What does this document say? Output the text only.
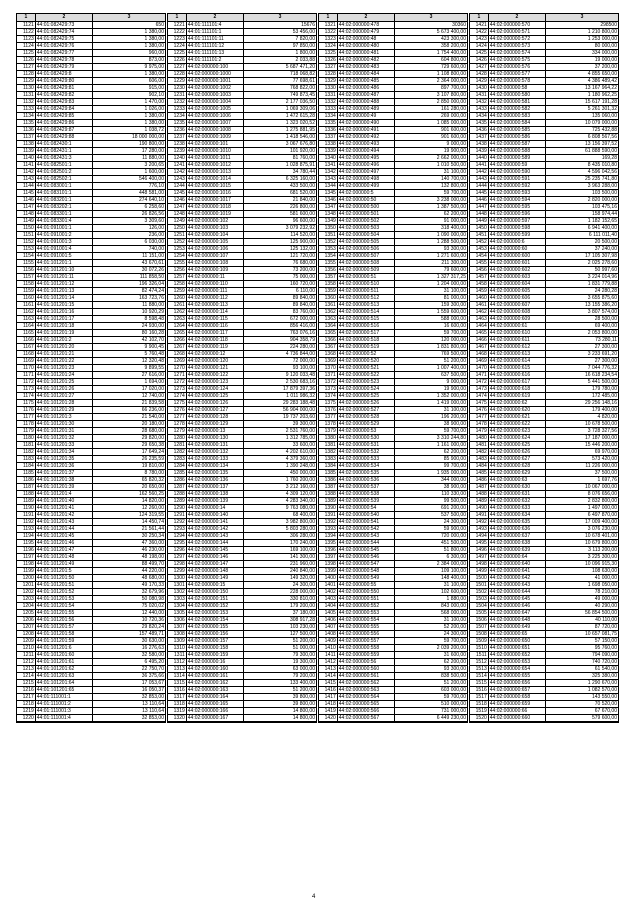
1	2	3
1121 44:01:082429:73	650
1122 44:01:082429:74	1 380,00
1123 44:01:082429:75	1 380,00
1124 44:01:082429:76	1 380,00
1125 44:01:082429:77	960,00
1126 44:01:082429:78	873,00
1127 44:01:082429:79	9 975,00
1128 44:01:082429:8	1 380,00
1129 44:01:082429:80	606,00
1130 44:01:082429:81	915,00
1131 44:01:082429:82	902,10
1132 44:01:082429:83	1 470,00
1133 44:01:082429:84	1 026,00
1134 44:01:082429:85	1 380,00
1135 44:01:082429:86	1 380,00
1136 44:01:082429:87	1 038,72
1137 44:01:082429:88	18 000 000,00
1138 44:01:082430:1	190 800,00
1139 44:01:082431:1	17 280,00
1140 44:01:082431:3	11 880,00
1141 44:01:082501:1	3 200,65
1142 44:01:082501:2	1 600,00
1143 44:01:082502:1	546 400,00
1144 44:01:083001:1	776,10
1145 44:01:083101:1	448 581,00
1146 44:01:083201:1	274 640,10
1147 44:01:083202:1	6 258,60
1148 44:01:083301:1	26 826,56
1149 44:01:083301:4	3 309,60
1150 44:01:091001:1	126,00
1151 44:01:091001:2	236,00
1152 44:01:091001:3	6 030,00
1153 44:01:091001:4	740,00
1154 44:01:091001:5	11 151,00
1155 44:01:101201:1	43 670,61
1156 44:01:101201:10	30 072,26
1157 44:01:101201:11	111 858,50
1158 44:01:101201:12	196 326,04
1159 44:01:101201:13	82 474,24
1160 44:01:101201:14	163 723,76
1161 44:01:101201:15	11 880,00
1162 44:01:101201:16	10 920,29
1163 44:01:101201:17	8 598,48
1164 44:01:101201:18	24 930,00
1165 44:01:101201:19	80 160,28
1166 44:01:101201:2	42 102,70
1167 44:01:101201:20	9 900,45
1168 44:01:101201:21	5 760,48
1169 44:01:101201:22	12 320,48
1170 44:01:101201:23	9 899,55
1171 44:01:101201:24	27 616,00
1172 44:01:101201:25	1 694,00
1173 44:01:101201:26	17 020,00
1174 44:01:101201:27	12 740,00
1175 44:01:101201:28	21 839,58
1176 44:01:101201:29	66 236,00
1177 44:01:101201:3	21 540,00
1178 44:01:101201:30	20 180,00
1179 44:01:101201:31	28 680,00
1180 44:01:101201:32	29 820,00
1181 44:01:101201:33	29 650,38
1182 44:01:101201:34	17 649,24
1183 44:01:101201:35	26 235,59
1184 44:01:101201:36	19 810,00
1185 44:01:101201:37	8 780,00
1186 44:01:101201:38	65 820,32
1187 44:01:101201:39	20 650,00
1188 44:01:101201:4	162 560,25
1189 44:01:101201:40	14 820,00
1190 44:01:101201:41	12 260,00
1191 44:01:101201:42	124 319,55
1192 44:01:101201:43	14 450,74
1193 44:01:101201:44	21 561,44
1194 44:01:101201:45	30 250,34
1195 44:01:101201:46	47 360,00
1196 44:01:101201:47	46 230,00
1197 44:01:101201:48	48 198,00
1198 44:01:101201:49	88 499,70
1199 44:01:101201:5	44 220,00
1200 44:01:101201:50	48 680,00
1201 44:01:101201:51	49 170,33
1202 44:01:101201:52	32 679,96
1203 44:01:101201:53	50 080,98
1204 44:01:101201:54	75 020,02
1205 44:01:101201:55	12 440,00
1206 44:01:101201:56	10 720,36
1207 44:01:101201:57	29 820,24
1208 44:01:101201:58	157 489,71
1209 44:01:101201:59	30 630,00
1210 44:01:101201:6	16 276,63
1211 44:01:101201:60	32 580,00
1212 44:01:101201:61	6 495,20
1213 44:01:101201:62	22 750,70
1214 44:01:101201:63	36 375,66
1215 44:01:101201:64	17 053,67
1216 44:01:101201:65	16 050,37
1217 44:01:111001:1	32 853,00
1218 44:01:111001:2	13 110,64
1219 44:01:111001:3	13 110,64
1220 44:01:111001:4	32 853,00
1	2	3
1221 44:01:111101:4	15676
1222 44:01:111101:1	53 456,00
1223 44:01:111101:11	7 820,00
1224 44:01:111101:12	97 850,00
1225 44:01:111101:13	1 800,00
1226 44:01:111101:2	2 033,88
1227 44:02:000000:100	5 687 471,20
1228 44:02:000000:1000	718 068,82
1229 44:02:000000:1001	77 698,61
1230 44:02:000000:1002	768 822,00
1231 44:02:000000:1003	749 873,45
1232 44:02:000000:1004	2 177 036,50
1233 44:02:000000:1005	1 069 309,06
1234 44:02:000000:1006	1 472 615,28
1235 44:02:000000:1007	1 323 020,52
1236 44:02:000000:1008	1 275 881,95
1237 44:02:000000:1009	1 418 546,00
1238 44:02:000000:101	3 067 676,80
1239 44:02:000000:1010	101 920,00
1240 44:02:000000:1011	81 760,00
1241 44:02:000000:1012	1 028 875,91
1242 44:02:000000:1013	34 780,44
1243 44:02:000000:1014	6 325 160,00
1244 44:02:000000:1015	433 500,00
1245 44:02:000000:1016	681 520,00
1246 44:02:000000:1017	21 840,00
1247 44:02:000000:1018	226 800,00
1248 44:02:000000:1019	581 600,00
1249 44:02:000000:102	96 600,00
1250 44:02:000000:103	3 079 232,92
1251 44:02:000000:104	114 520,00
1252 44:02:000000:105	125 900,00
1253 44:02:000000:106	125 132,00
1254 44:02:000000:107	121 720,00
1255 44:02:000000:108	76 680,00
1256 44:02:000000:109	73 200,00
1257 44:02:000000:11	75 000,00
1258 44:02:000000:110	160 720,00
1259 44:02:000000:111	6 110,00
1260 44:02:000000:112	89 840,00
1261 44:02:000000:113	89 840,00
1262 44:02:000000:114	83 760,00
1263 44:02:000000:115	672 000,00
1264 44:02:000000:116	856 416,00
1265 44:02:000000:117	763 076,16
1266 44:02:000000:118	904 358,79
1267 44:02:000000:119	224 280,00
1268 44:02:000000:12	4 736 844,00
1269 44:02:000000:120	72 000,00
1270 44:02:000000:121	93 100,00
1271 44:02:000000:122	9 120 033,48
1272 44:02:000000:123	2 530 683,16
1273 44:02:000000:124	17 879 397,36
1274 44:02:000000:125	1 011 986,32
1275 44:02:000000:126	29 283 188,48
1276 44:02:000000:127	56 904 000,00
1277 44:02:000000:128	19 737 203,60
1278 44:02:000000:129	39 300,00
1279 44:02:000000:13	2 531 760,00
1280 44:02:000000:130	1 312 785,00
1281 44:02:000000:131	33 600,00
1282 44:02:000000:132	4 202 610,00
1283 44:02:000000:133	4 379 360,00
1284 44:02:000000:134	1 390 248,00
1285 44:02:000000:135	450 000,00
1286 44:02:000000:136	1 760 200,00
1287 44:02:000000:137	3 212 160,00
1288 44:02:000000:138	4 309 120,00
1289 44:02:000000:139	4 283 340,00
1290 44:02:000000:14	9 763 080,00
1291 44:02:000000:140	68 400,00
1292 44:02:000000:141	3 982 800,00
1293 44:02:000000:142	5 803 280,00
1294 44:02:000000:143	306 280,00
1295 44:02:000000:144	170 240,00
1296 44:02:000000:145	169 100,00
1297 44:02:000000:146	141 300,00
1298 44:02:000000:147	231 960,00
1299 44:02:000000:148	240 840,00
1300 44:02:000000:149	149 320,00
1301 44:02:000000:15	24 300,00
1302 44:02:000000:150	228 000,00
1303 44:02:000000:151	330 810,00
1304 44:02:000000:152	179 200,00
1305 44:02:000000:153	37 180,00
1306 44:02:000000:154	308 917,28
1307 44:02:000000:155	103 230,00
1308 44:02:000000:156	127 500,00
1309 44:02:000000:157	51 200,00
1310 44:02:000000:158	51 000,00
1311 44:02:000000:159	79 300,00
1312 44:02:000000:16	19 300,00
1313 44:02:000000:160	63 000,00
1314 44:02:000000:161	79 200,00
1315 44:02:000000:162	133 400,00
1316 44:02:000000:163	51 200,00
1317 44:02:000000:164	39 800,00
1318 44:02:000000:165	39 800,00
1319 44:02:000000:166	14 800,00
1320 44:02:000000:167	14 800,00
1	2	3
1321 44:02:000000:478	30360
1322 44:02:000000:479	5 673 400,00
1323 44:02:000000:48	423 300,00
1324 44:02:000000:480	358 200,00
1325 44:02:000000:481	1 754 400,00
1326 44:02:000000:482	604 800,00
1327 44:02:000000:483	729 600,00
1328 44:02:000000:484	1 108 800,00
1329 44:02:000000:485	2 364 000,00
1330 44:02:000000:486	897 700,00
1331 44:02:000000:487	3 107 800,00
1332 44:02:000000:488	2 850 000,00
1333 44:02:000000:489	161 280,00
1334 44:02:000000:49	269 000,00
1335 44:02:000000:490	1 085 000,00
1336 44:02:000000:491	901 600,00
1337 44:02:000000:492	901 600,00
1338 44:02:000000:493	9 000,00
1339 44:02:000000:494	19 900,00
1340 44:02:000000:495	2 662 000,00
1341 44:02:000000:496	1 010 500,00
1342 44:02:000000:497	31 100,00
1343 44:02:000000:498	140 700,00
1344 44:02:000000:499	132 800,00
1345 44:02:000000:5	59 700,00
1346 44:02:000000:50	3 238 000,00
1347 44:02:000000:500	1 387 500,00
1348 44:02:000000:501	62 200,00
1349 44:02:000000:502	91 000,00
1350 44:02:000000:503	318 400,00
1351 44:02:000000:504	1 090 000,00
1352 44:02:000000:505	1 288 500,00
1353 44:02:000000:506	93 300,00
1354 44:02:000000:507	1 271 600,00
1355 44:02:000000:508	211 300,00
1356 44:02:000000:509	79 600,00
1357 44:02:000000:51	1 327 317,25
1358 44:02:000000:510	1 204 000,00
1359 44:02:000000:511	31 100,00
1360 44:02:000000:512	81 000,00
1361 44:02:000000:513	159 300,00
1362 44:02:000000:514	1 559 600,00
1363 44:02:000000:515	588 000,00
1364 44:02:000000:516	16 600,00
1365 44:02:000000:517	59 700,00
1366 44:02:000000:518	120 000,00
1367 44:02:000000:519	1 831 800,00
1368 44:02:000000:52	769 500,00
1369 44:02:000000:520	51 200,00
1370 44:02:000000:521	1 007 400,00
1371 44:02:000000:522	637 500,00
1372 44:02:000000:523	9 000,00
1373 44:02:000000:524	19 900,00
1374 44:02:000000:525	1 352 000,00
1375 44:02:000000:526	1 419 000,00
1376 44:02:000000:527	31 100,00
1377 44:02:000000:528	196 200,00
1378 44:02:000000:529	38 900,00
1379 44:02:000000:53	59 700,00
1380 44:02:000000:530	3 310 244,80
1381 44:02:000000:531	1 161 000,00
1382 44:02:000000:532	62 200,00
1383 44:02:000000:533	85 900,00
1384 44:02:000000:534	99 700,00
1385 44:02:000000:535	1 935 000,00
1386 44:02:000000:536	344 000,00
1387 44:02:000000:537	38 900,00
1388 44:02:000000:538	110 330,00
1389 44:02:000000:539	99 500,00
1390 44:02:000000:54	691 200,00
1391 44:02:000000:540	537 500,00
1392 44:02:000000:541	24 300,00
1393 44:02:000000:542	59 900,00
1394 44:02:000000:543	720 000,00
1395 44:02:000000:544	451 500,00
1396 44:02:000000:545	51 800,00
1397 44:02:000000:546	6 300,00
1398 44:02:000000:547	2 384 000,00
1399 44:02:000000:548	109 100,00
1400 44:02:000000:549	148 400,00
1401 44:02:000000:55	31 100,00
1402 44:02:000000:550	102 600,00
1403 44:02:000000:551	1 880,00
1404 44:02:000000:552	843 000,00
1405 44:02:000000:553	568 000,00
1406 44:02:000000:554	31 100,00
1407 44:02:000000:555	52 200,00
1408 44:02:000000:556	24 300,00
1409 44:02:000000:557	59 700,00
1410 44:02:000000:558	2 039 200,00
1411 44:02:000000:559	31 600,00
1412 44:02:000000:56	62 200,00
1413 44:02:000000:560	93 300,00
1414 44:02:000000:561	838 500,00
1415 44:02:000000:562	51 200,00
1416 44:02:000000:563	603 000,00
1417 44:02:000000:564	59 700,00
1418 44:02:000000:565	510 000,00
1419 44:02:000000:566	731 000,00
1420 44:02:000000:567	6 449 230,00
1	2	3
1421 44:02:000000:570	298500
1422 44:02:000000:571	1 210 800,00
1423 44:02:000000:572	1 253 000,00
1424 44:02:000000:573	80 000,00
1425 44:02:000000:574	334 000,00
1426 44:02:000000:575	19 000,00
1427 44:02:000000:576	37 200,00
1428 44:02:000000:577	4 855 650,00
1429 44:02:000000:578	4 386 489,42
1430 44:02:000000:58	13 167 964,22
1431 44:02:000000:580	1 180 962,25
1432 44:02:000000:581	15 617 191,28
1433 44:02:000000:582	5 261 301,32
1434 44:02:000000:583	135 060,00
1435 44:02:000000:584	10 079 000,00
1436 44:02:000000:585	725 432,88
1437 44:02:000000:586	6 808 567,56
1438 44:02:000000:587	13 156 397,52
1439 44:02:000000:588	61 888 590,00
1440 44:02:000000:589	169,28
1441 44:02:000000:59	8 435 010,80
1442 44:02:000000:590	4 596 042,56
1443 44:02:000000:591	25 235 741,80
1444 44:02:000000:592	3 963 288,00
1445 44:02:000000:593	103 500,00
1446 44:02:000000:594	2 820 000,00
1447 44:02:000000:595	103 475,16
1448 44:02:000000:596	158 974,44
1449 44:02:000000:597	1 182 152,65
1450 44:02:000000:598	6 941 400,00
1451 44:02:000000:599	6 111 011,40
1452 44:02:000000:6	20 500,00
1453 44:02:000000:60	37 240,00
1454 44:02:000000:600	17 105 307,98
1455 44:02:000000:601	2 025 278,60
1456 44:02:000000:602	50 997,60
1457 44:02:000000:603	3 224 014,96
1458 44:02:000000:604	1 831 779,88
1459 44:02:000000:605	24 280,28
1460 44:02:000000:606	3 655 875,60
1461 44:02:000000:607	13 155 386,20
1462 44:02:000000:608	3 807 574,00
1463 44:02:000000:609	28 500,00
1464 44:02:000000:61	69 400,00
1465 44:02:000000:610	2 053 800,00
1466 44:02:000000:611	73 280,11
1467 44:02:000000:612	27 300,00
1468 44:02:000000:613	3 233 691,20
1469 44:02:000000:614	27 300,00
1470 44:02:000000:615	7 044 776,32
1471 44:02:000000:616	16 618 234,54
1472 44:02:000000:617	5 441 500,00
1473 44:02:000000:618	179 780,00
1474 44:02:000000:619	172 485,00
1475 44:02:000000:62	29 256 148,16
1476 44:02:000000:620	179 400,00
1477 44:02:000000:621	4 820,00
1478 44:02:000000:622	10 678 500,00
1479 44:02:000000:623	3 728 327,56
1480 44:02:000000:624	17 187 000,00
1481 44:02:000000:625	15 446 200,00
1482 44:02:000000:626	69 970,00
1483 44:02:000000:627	573 420,00
1484 44:02:000000:628	11 226 000,00
1485 44:02:000000:629	37 500,00
1486 44:02:000000:63	1 697,76
1487 44:02:000000:630	10 067 000,00
1488 44:02:000000:631	8 076 656,00
1489 44:02:000000:632	2 832 800,00
1490 44:02:000000:633	1 497 000,00
1491 44:02:000000:634	6 497 870,00
1492 44:02:000000:635	17 009 400,00
1493 44:02:000000:636	3 076 230,00
1494 44:02:000000:637	10 678 401,00
1495 44:02:000000:638	10 679 800,00
1496 44:02:000000:639	3 113 200,00
1497 44:02:000000:64	3 225 300,00
1498 44:02:000000:640	10 096 915,30
1499 44:02:000000:641	108 630,00
1500 44:02:000000:642	41 000,00
1501 44:02:000000:643	1 698 050,00
1502 44:02:000000:644	78 210,00
1503 44:02:000000:645	49 000,00
1504 44:02:000000:646	40 290,00
1505 44:02:000000:647	56 854 500,00
1506 44:02:000000:648	40 110,00
1507 44:02:000000:649	87 720,00
1508 44:02:000000:65	10 657 081,75
1509 44:02:000000:650	57 150,00
1510 44:02:000000:651	95 760,00
1511 44:02:000000:652	794 090,00
1512 44:02:000000:653	740 720,00
1513 44:02:000000:654	61 540,00
1514 44:02:000000:655	325 380,00
1515 44:02:000000:656	1 290 670,00
1516 44:02:000000:657	1 082 570,00
1517 44:02:000000:658	143 550,00
1518 44:02:000000:659	70 520,00
1519 44:02:000000:66	67 670,00
1520 44:02:000000:660	579 600,00
4
